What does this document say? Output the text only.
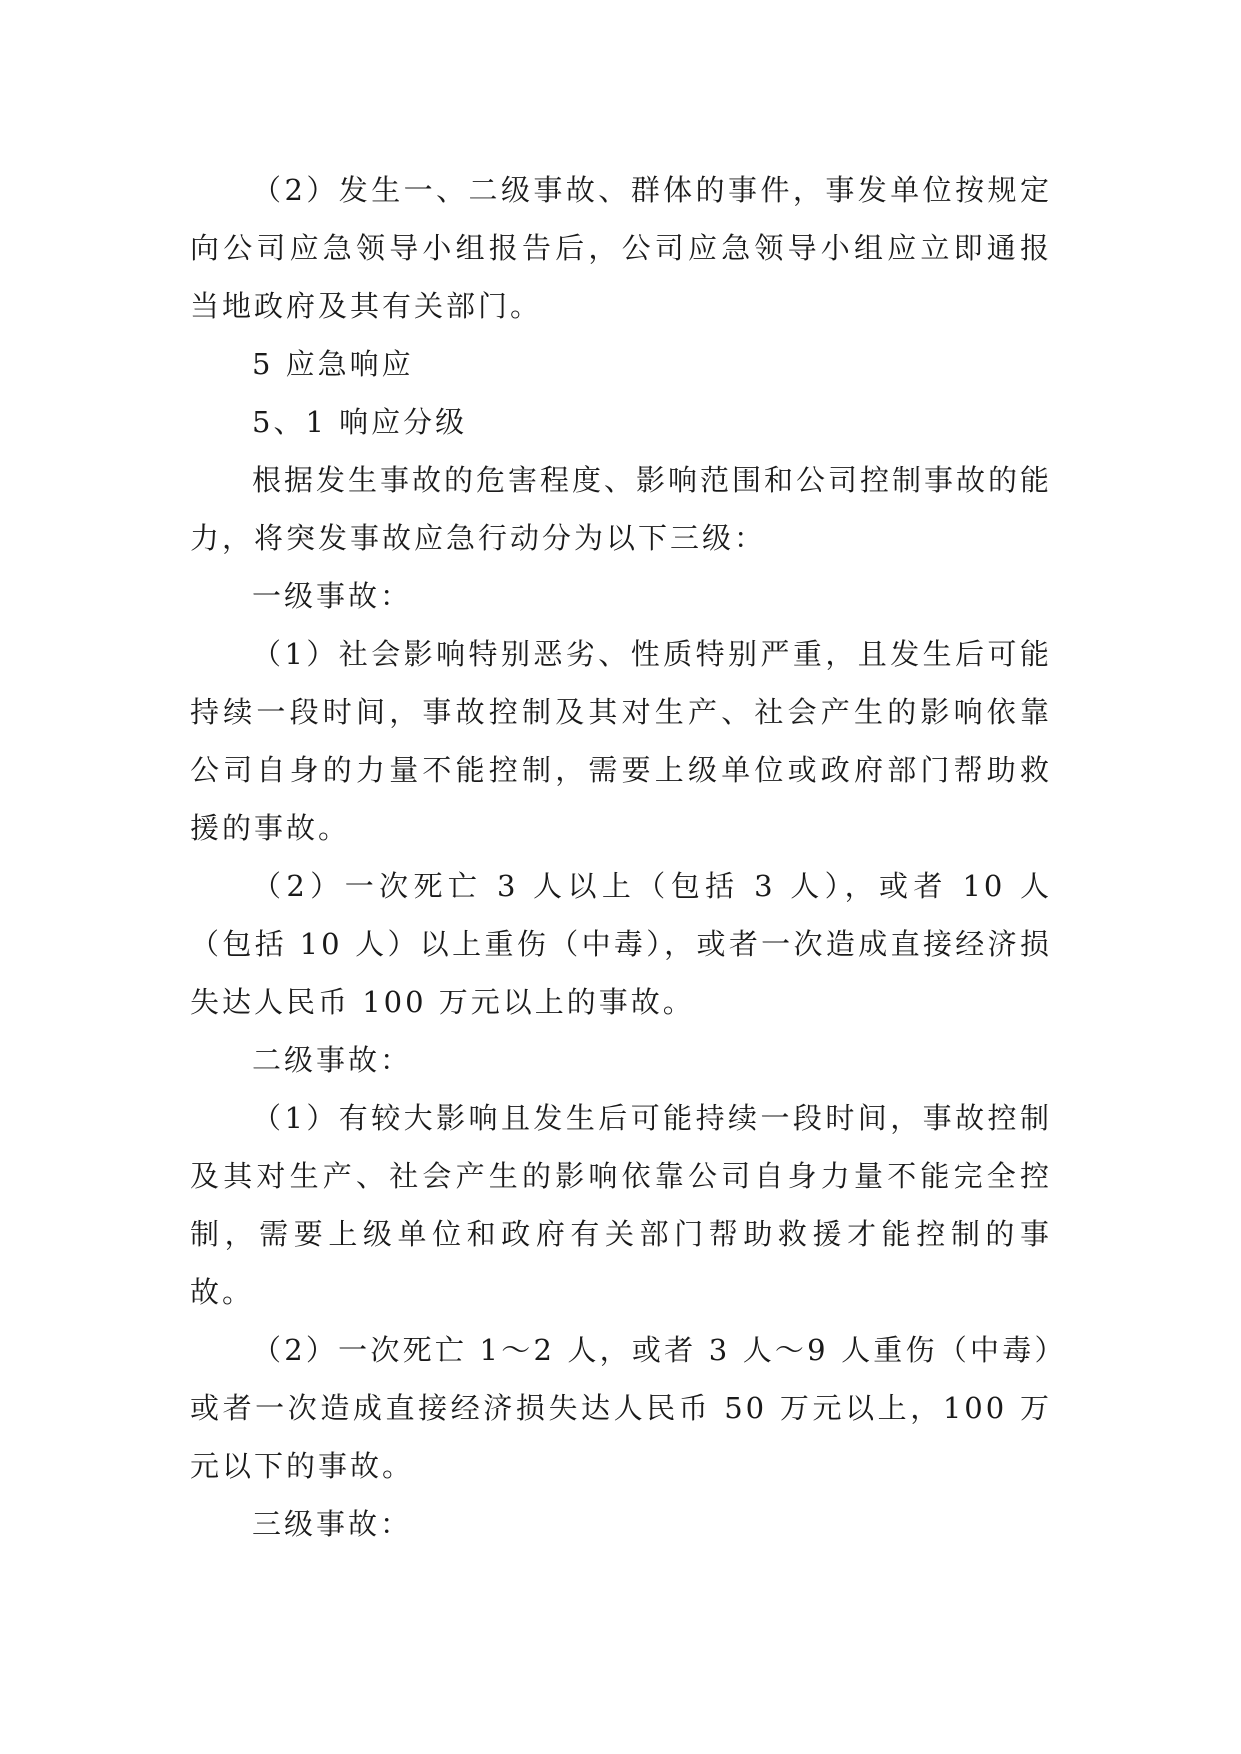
（2）发生一、二级事故、群体的事件，事发单位按规定向公司应急领导小组报告后，公司应急领导小组应立即通报当地政府及其有关部门。

5 应急响应

5、1 响应分级

根据发生事故的危害程度、影响范围和公司控制事故的能力，将突发事故应急行动分为以下三级：

一级事故：

（1）社会影响特别恶劣、性质特别严重，且发生后可能持续一段时间，事故控制及其对生产、社会产生的影响依靠公司自身的力量不能控制，需要上级单位或政府部门帮助救援的事故。

（2）一次死亡 3 人以上（包括 3 人），或者 10 人（包括 10 人）以上重伤（中毒），或者一次造成直接经济损失达人民币 100 万元以上的事故。

二级事故：

（1）有较大影响且发生后可能持续一段时间，事故控制及其对生产、社会产生的影响依靠公司自身力量不能完全控制，需要上级单位和政府有关部门帮助救援才能控制的事故。

（2）一次死亡 1～2 人，或者 3 人～9 人重伤（中毒）或者一次造成直接经济损失达人民币 50 万元以上，100 万元以下的事故。

三级事故：
